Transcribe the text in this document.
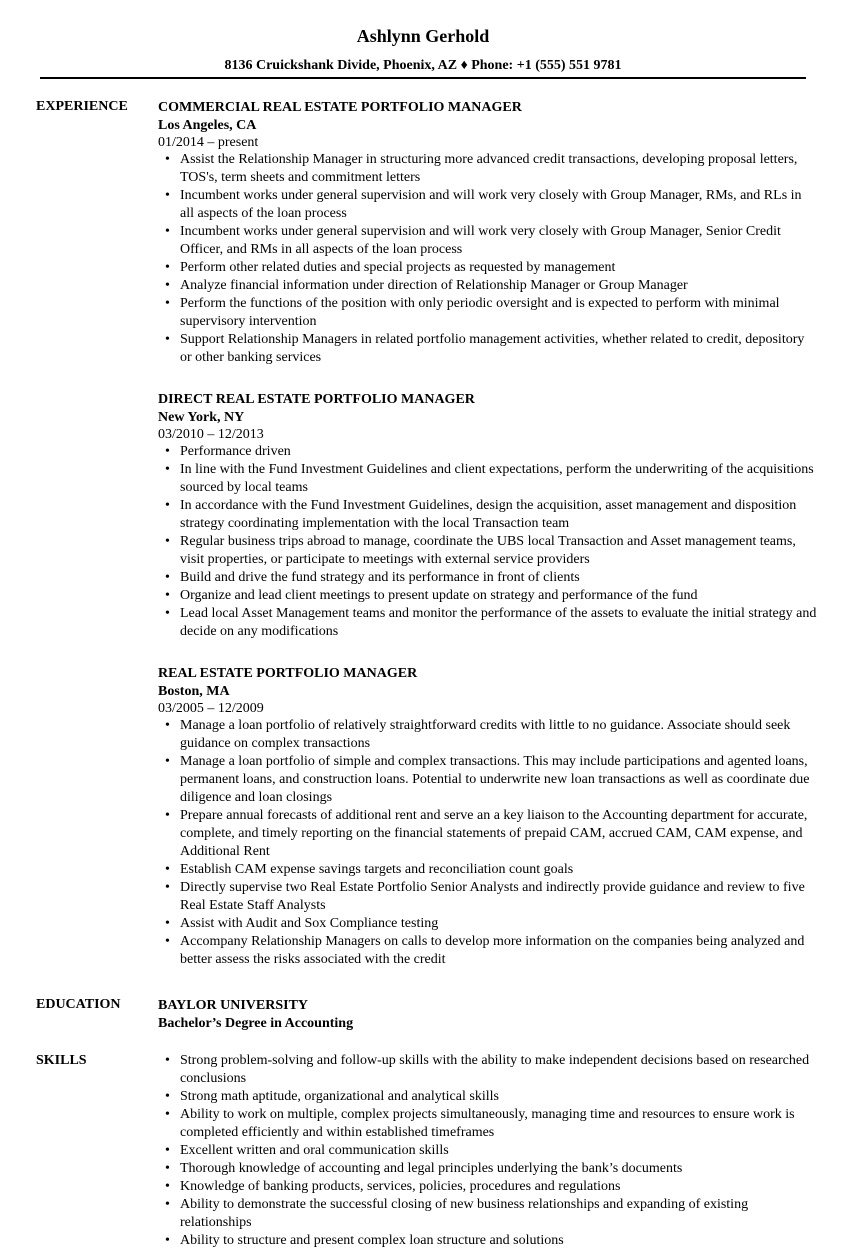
Ashlynn Gerhold
8136 Cruickshank Divide, Phoenix, AZ ♦ Phone: +1 (555) 551 9781
EXPERIENCE COMMERCIAL REAL ESTATE PORTFOLIO MANAGER
Los Angeles, CA
01/2014 – present
• Assist the Relationship Manager in structuring more advanced credit transactions, developing proposal letters, TOS's, term sheets and commitment letters
• Incumbent works under general supervision and will work very closely with Group Manager, RMs, and RLs in all aspects of the loan process
• Incumbent works under general supervision and will work very closely with Group Manager, Senior Credit Officer, and RMs in all aspects of the loan process
• Perform other related duties and special projects as requested by management
• Analyze financial information under direction of Relationship Manager or Group Manager
• Perform the functions of the position with only periodic oversight and is expected to perform with minimal supervisory intervention
• Support Relationship Managers in related portfolio management activities, whether related to credit, depository or other banking services
DIRECT REAL ESTATE PORTFOLIO MANAGER
New York, NY
03/2010 – 12/2013
• Performance driven
• In line with the Fund Investment Guidelines and client expectations, perform the underwriting of the acquisitions sourced by local teams
• In accordance with the Fund Investment Guidelines, design the acquisition, asset management and disposition strategy coordinating implementation with the local Transaction team
• Regular business trips abroad to manage, coordinate the UBS local Transaction and Asset management teams, visit properties, or participate to meetings with external service providers
• Build and drive the fund strategy and its performance in front of clients
• Organize and lead client meetings to present update on strategy and performance of the fund
• Lead local Asset Management teams and monitor the performance of the assets to evaluate the initial strategy and decide on any modifications
REAL ESTATE PORTFOLIO MANAGER
Boston, MA
03/2005 – 12/2009
• Manage a loan portfolio of relatively straightforward credits with little to no guidance. Associate should seek guidance on complex transactions
• Manage a loan portfolio of simple and complex transactions. This may include participations and agented loans, permanent loans, and construction loans. Potential to underwrite new loan transactions as well as coordinate due diligence and loan closings
• Prepare annual forecasts of additional rent and serve an a key liaison to the Accounting department for accurate, complete, and timely reporting on the financial statements of prepaid CAM, accrued CAM, CAM expense, and Additional Rent
• Establish CAM expense savings targets and reconciliation count goals
• Directly supervise two Real Estate Portfolio Senior Analysts and indirectly provide guidance and review to five Real Estate Staff Analysts
• Assist with Audit and Sox Compliance testing
• Accompany Relationship Managers on calls to develop more information on the companies being analyzed and better assess the risks associated with the credit
EDUCATION	BAYLOR UNIVERSITY
Bachelor’s Degree in Accounting
SKILLS
•	Strong problem-solving and follow-up skills with the ability to make independent decisions based on researched conclusions
• Strong math aptitude, organizational and analytical skills
• Ability to work on multiple, complex projects simultaneously, managing time and resources to ensure work is completed efficiently and within established timeframes
• Excellent written and oral communication skills
• Thorough knowledge of accounting and legal principles underlying the bank’s documents
• Knowledge of banking products, services, policies, procedures and regulations
• Ability to demonstrate the successful closing of new business relationships and expanding of existing relationships
• Ability to structure and present complex loan structure and solutions
